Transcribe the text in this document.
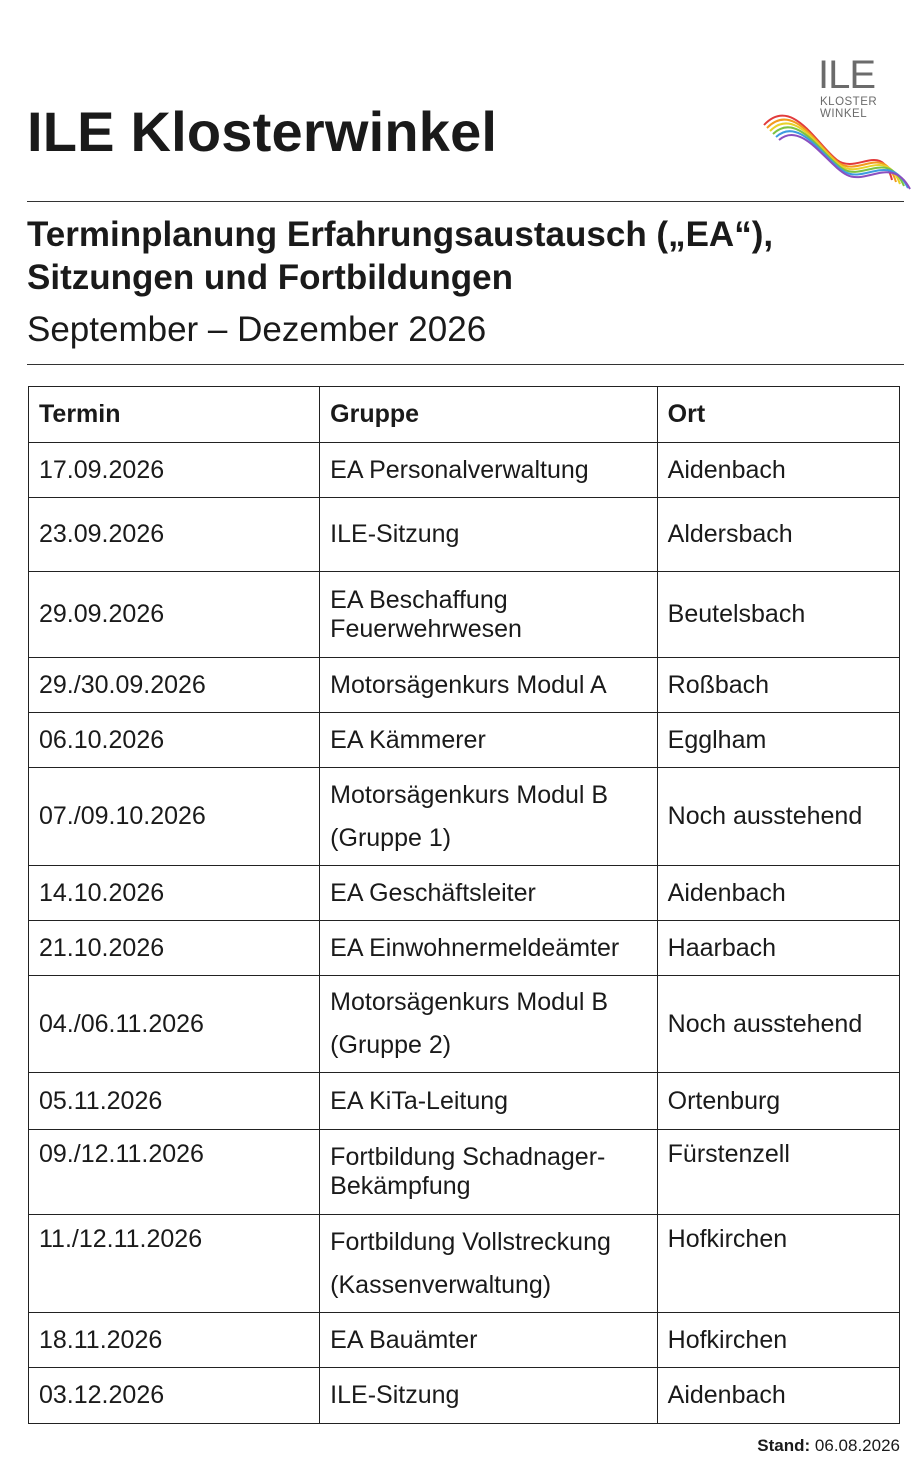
ILE Klosterwinkel
ILE
KLOSTER
WINKEL
Terminplanung Erfahrungsaustausch („EA“),
Sitzungen und Fortbildungen
September – Dezember 2026
Termin	Gruppe	Ort
17.09.2026	EA Personalverwaltung	Aidenbach
23.09.2026	ILE-Sitzung	Aldersbach
29.09.2026	EA Beschaffung Feuerwehrwesen	Beutelsbach
29./30.09.2026	Motorsägenkurs Modul A	Roßbach
06.10.2026	EA Kämmerer	Egglham
07./09.10.2026	Motorsägenkurs Modul B (Gruppe 1)	Noch ausstehend
14.10.2026	EA Geschäftsleiter	Aidenbach
21.10.2026	EA Einwohnermeldeämter	Haarbach
04./06.11.2026	Motorsägenkurs Modul B (Gruppe 2)	Noch ausstehend
05.11.2026	EA KiTa-Leitung	Ortenburg
09./12.11.2026	Fortbildung Schadnager-Bekämpfung	Fürstenzell
11./12.11.2026	Fortbildung Vollstreckung (Kassenverwaltung)	Hofkirchen
18.11.2026	EA Bauämter	Hofkirchen
03.12.2026	ILE-Sitzung	Aidenbach
Stand: 06.08.2026
